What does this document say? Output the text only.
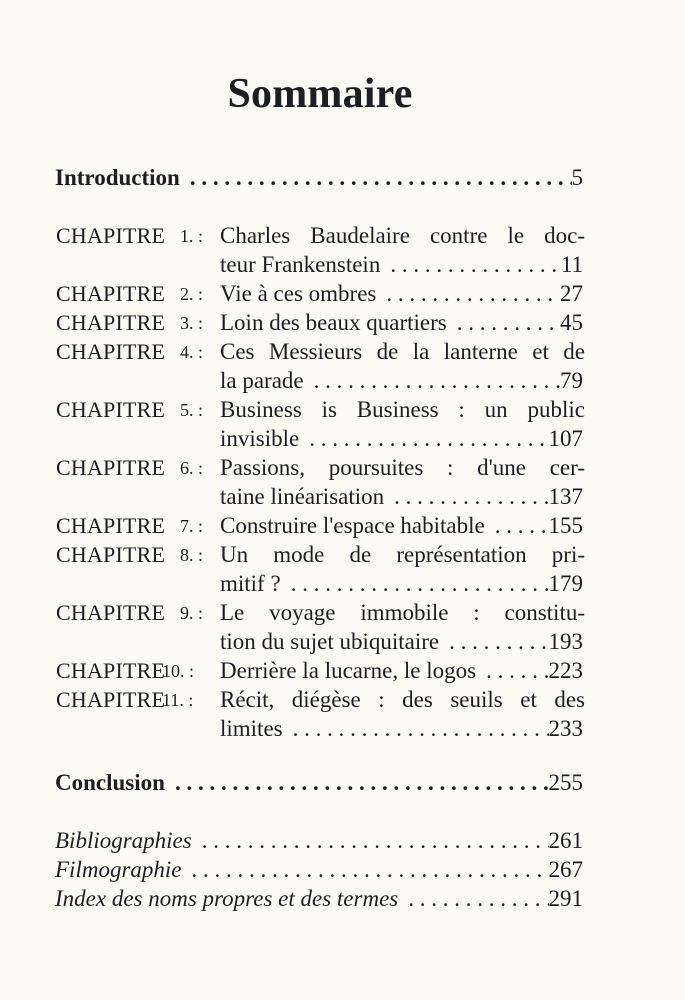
Sommaire
Introduction . . .	5
CHAPITRE 1. : Charles Baudelaire contre le doc-
teur Frankenstein . . .	11
CHAPITRE 2. : Vie à ces ombres . . .	27
CHAPITRE 3. : Loin des beaux quartiers . . .	45
CHAPITRE 4. : Ces Messieurs de la lanterne et de
la parade . . .	79
CHAPITRE 5. : Business is Business : un public
invisible . . .	107
CHAPITRE 6. : Passions, poursuites : d'une cer-
taine linéarisation . . .	137
CHAPITRE 7. : Construire l'espace habitable . . .	155
CHAPITRE 8. : Un mode de représentation pri-
mitif ? . . .	179
CHAPITRE 9. : Le voyage immobile : constitu-
tion du sujet ubiquitaire . . .	193
CHAPITRE
10. : Derrière la lucarne, le logos . . .	223
CHAPITRE
11. : Récit, diégèse : des seuils et des
limites . . .	233
Conclusion . . .	255
Bibliographies . . .	261
Filmographie . . .	267
Index des noms propres et des termes . . .	291
